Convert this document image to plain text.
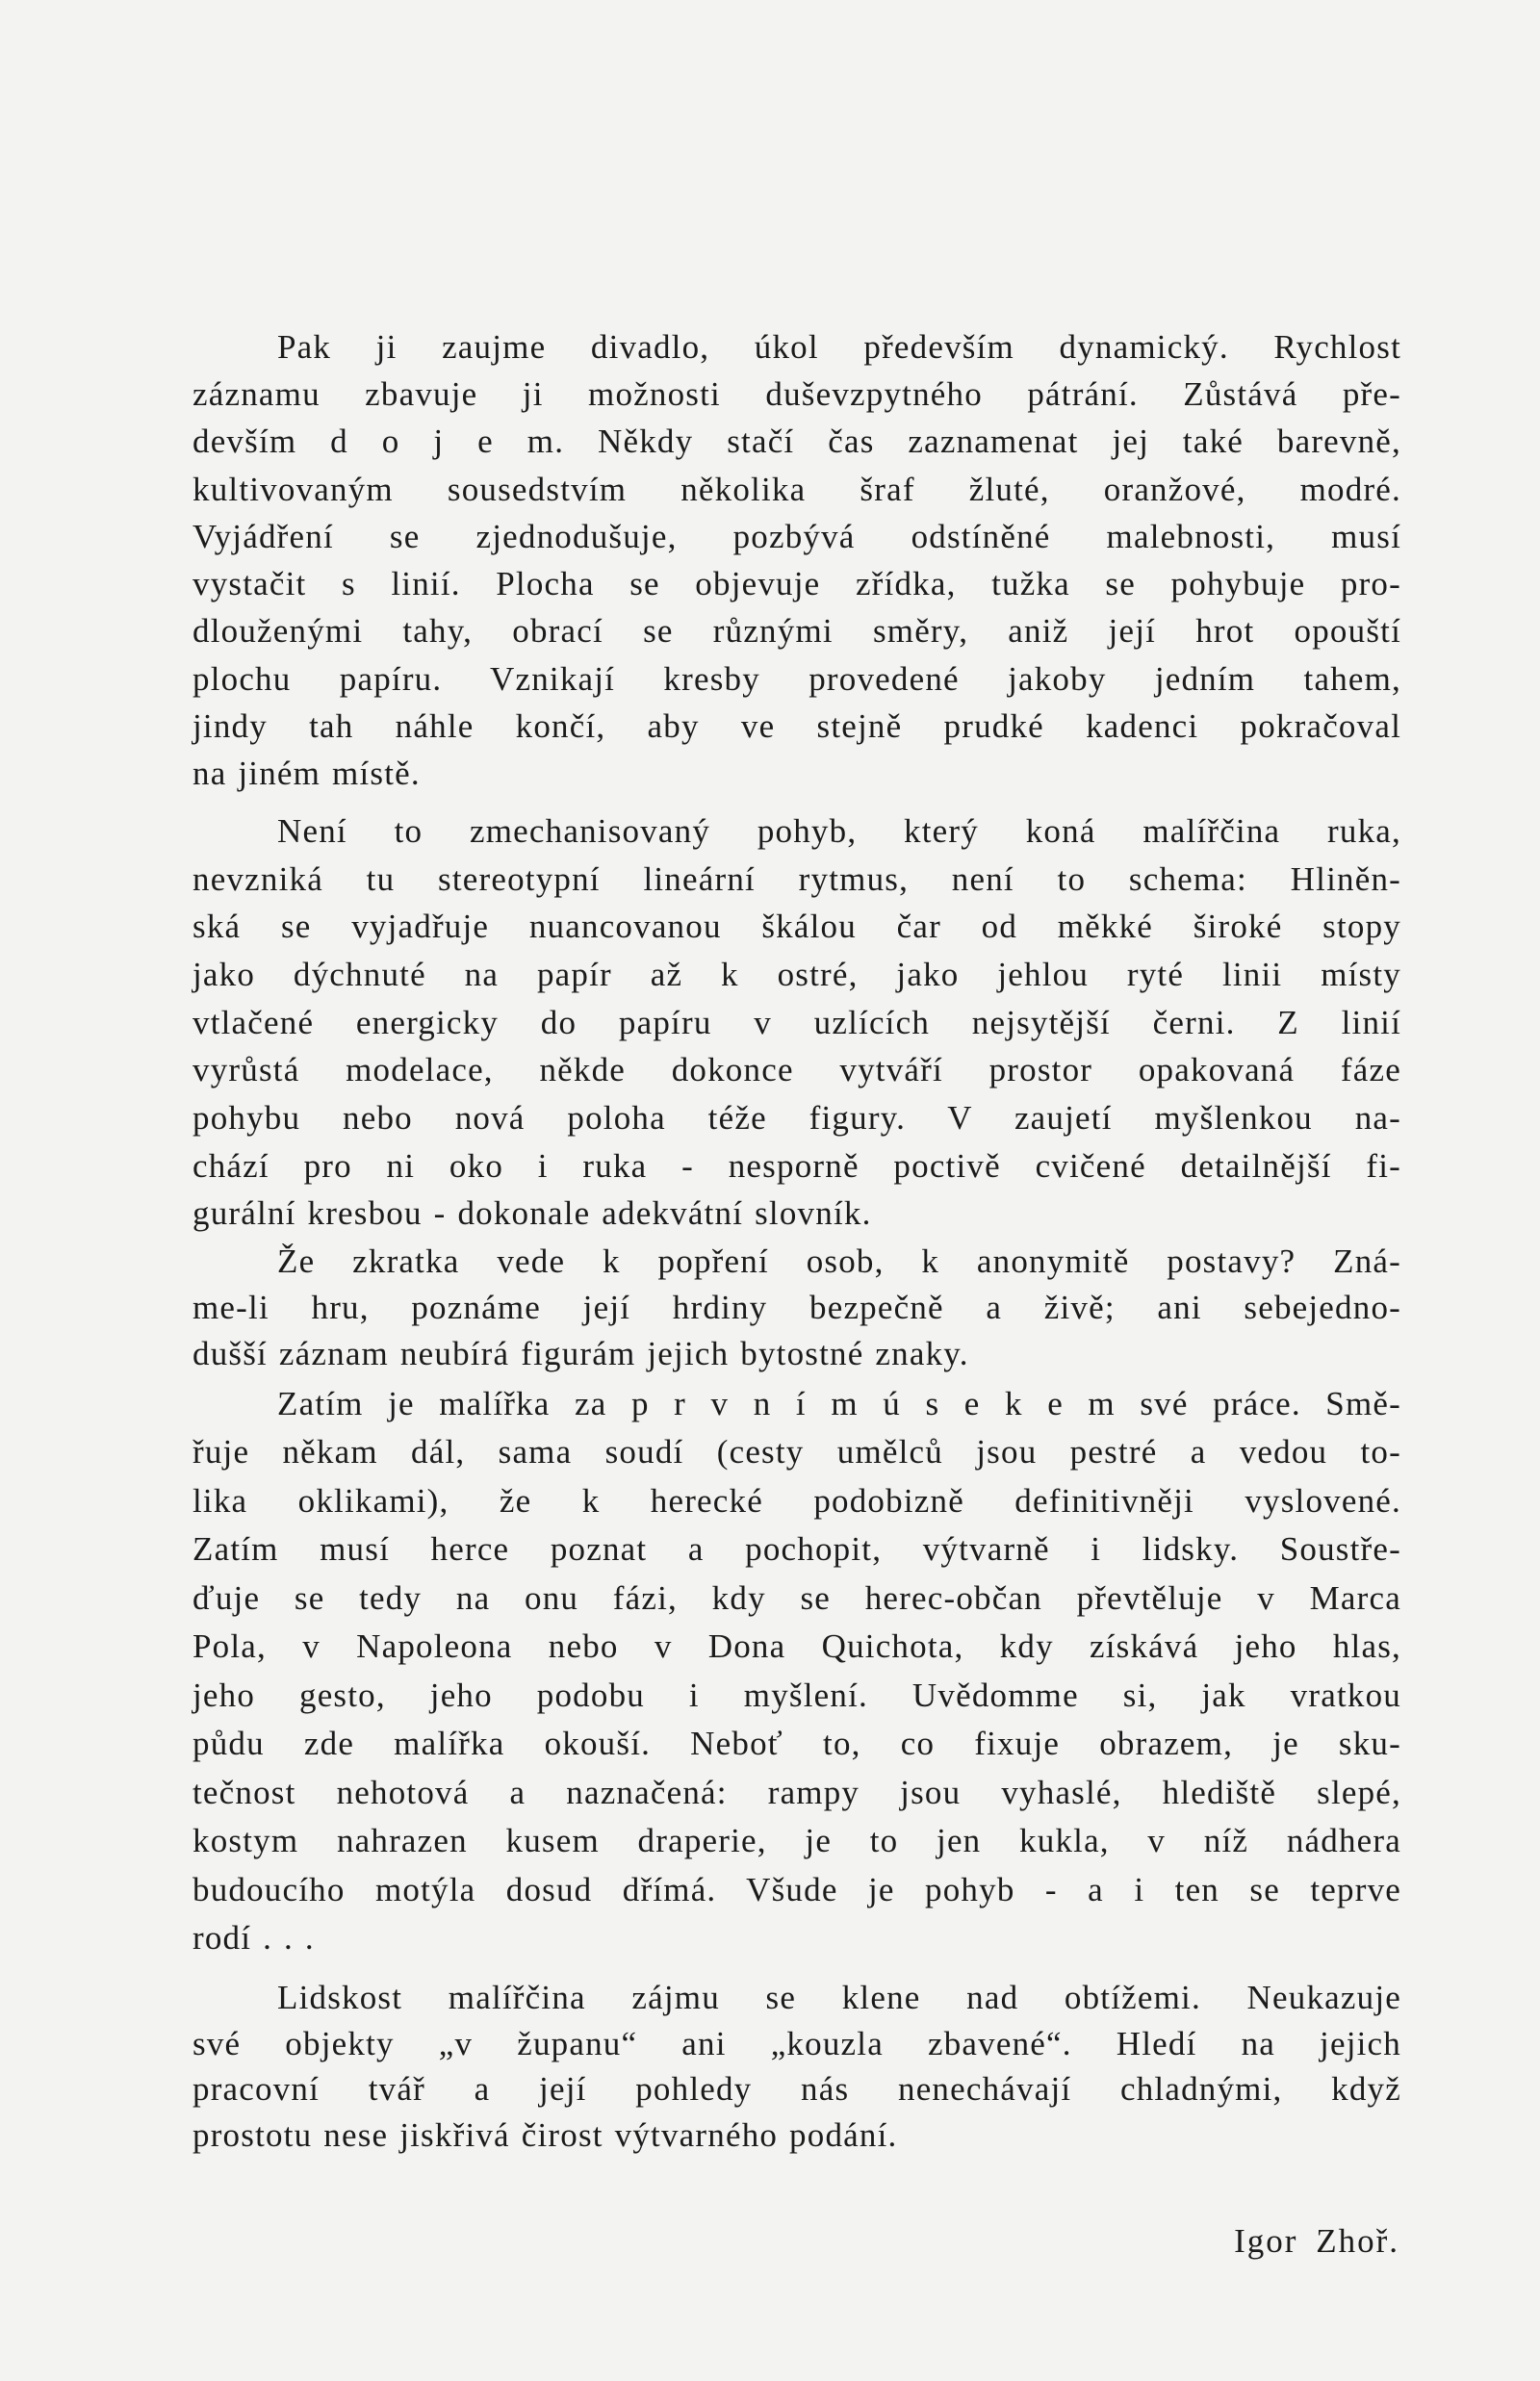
Pak ji zaujme divadlo, úkol především dynamický. Rychlost
záznamu zbavuje ji možnosti duševzpytného pátrání. Zůstává pře-
devším d o j e m. Někdy stačí čas zaznamenat jej také barevně,
kultivovaným sousedstvím několika šraf žluté, oranžové, modré.
Vyjádření se zjednodušuje, pozbývá odstíněné malebnosti, musí
vystačit s linií. Plocha se objevuje zřídka, tužka se pohybuje pro-
dlouženými tahy, obrací se různými směry, aniž její hrot opouští
plochu papíru. Vznikají kresby provedené jakoby jedním tahem,
jindy tah náhle končí, aby ve stejně prudké kadenci pokračoval
na jiném místě.
Není to zmechanisovaný pohyb, který koná malířčina ruka,
nevzniká tu stereotypní lineární rytmus, není to schema: Hliněn-
ská se vyjadřuje nuancovanou škálou čar od měkké široké stopy
jako dýchnuté na papír až k ostré, jako jehlou ryté linii místy
vtlačené energicky do papíru v uzlících nejsytější černi. Z linií
vyrůstá modelace, někde dokonce vytváří prostor opakovaná fáze
pohybu nebo nová poloha téže figury. V zaujetí myšlenkou na-
chází pro ni oko i ruka - nesporně poctivě cvičené detailnější fi-
gurální kresbou - dokonale adekvátní slovník.
Že zkratka vede k popření osob, k anonymitě postavy? Zná-
me-li hru, poznáme její hrdiny bezpečně a živě; ani sebejedno-
dušší záznam neubírá figurám jejich bytostné znaky.
Zatím je malířka za p r v n í m ú s e k e m své práce. Smě-
řuje někam dál, sama soudí (cesty umělců jsou pestré a vedou to-
lika oklikami), že k herecké podobizně definitivněji vyslovené.
Zatím musí herce poznat a pochopit, výtvarně i lidsky. Soustře-
ďuje se tedy na onu fázi, kdy se herec-občan převtěluje v Marca
Pola, v Napoleona nebo v Dona Quichota, kdy získává jeho hlas,
jeho gesto, jeho podobu i myšlení. Uvědomme si, jak vratkou
půdu zde malířka okouší. Neboť to, co fixuje obrazem, je sku-
tečnost nehotová a naznačená: rampy jsou vyhaslé, hlediště slepé,
kostym nahrazen kusem draperie, je to jen kukla, v níž nádhera
budoucího motýla dosud dřímá. Všude je pohyb - a i ten se teprve
rodí . . .
Lidskost malířčina zájmu se klene nad obtížemi. Neukazuje
své objekty „v županu“ ani „kouzla zbavené“. Hledí na jejich
pracovní tvář a její pohledy nás nenechávají chladnými, když
prostotu nese jiskřivá čirost výtvarného podání.
Igor Zhoř.
